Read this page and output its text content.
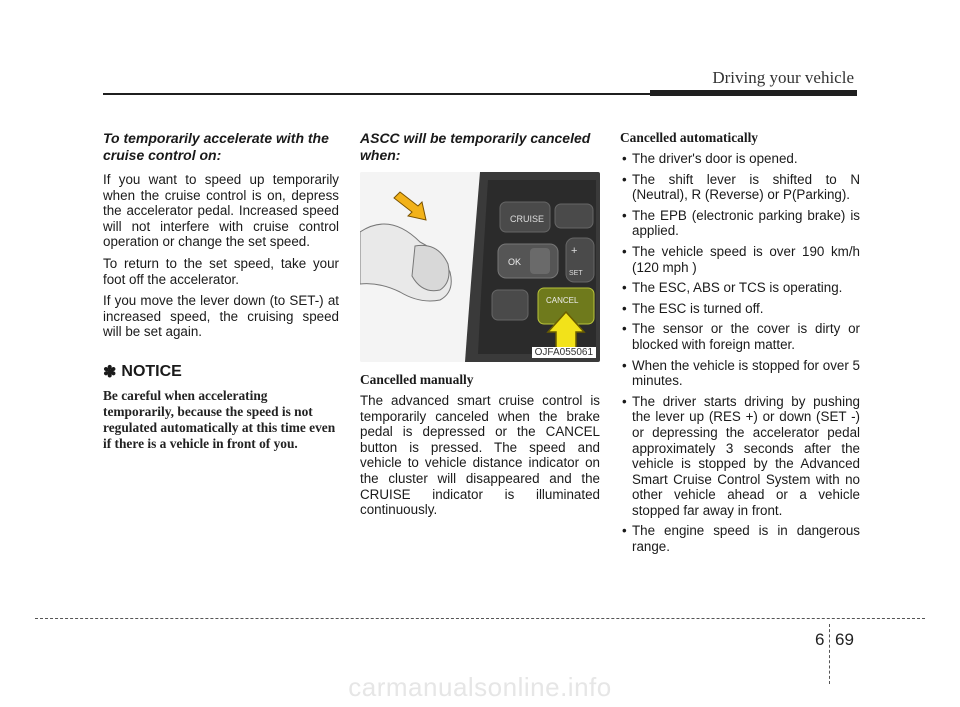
Driving your vehicle

To temporarily accelerate with the cruise control on:

If you want to speed up temporarily when the cruise control is on, depress the accelerator pedal. Increased speed will not interfere with cruise control operation or change the set speed.

To return to the set speed, take your foot off the accelerator.

If you move the lever down (to SET-) at increased speed, the cruising speed will be set again.

✽ NOTICE

Be careful when accelerating temporarily, because the speed is not regulated automatically at this time even if there is a vehicle in front of you.

ASCC will be temporarily canceled when:

CRUISE
OK
+
SET
CANCEL
OJFA055061

Cancelled manually

The advanced smart cruise control is temporarily canceled when the brake pedal is depressed or the CANCEL button is pressed. The speed and vehicle to vehicle distance indicator on the cluster will disappeared and the CRUISE indicator is illuminated continuously.

Cancelled automatically

• The driver's door is opened.
• The shift lever is shifted to N (Neutral), R (Reverse) or P(Parking).
• The EPB (electronic parking brake) is applied.
• The vehicle speed is over 190 km/h (120 mph )
• The ESC, ABS or TCS is operating.
• The ESC is turned off.
• The sensor or the cover is dirty or blocked with foreign matter.
• When the vehicle is stopped for over 5 minutes.
• The driver starts driving by pushing the lever up (RES +) or down (SET -) or depressing the accelerator pedal approximately 3 seconds after the vehicle is stopped by the Advanced Smart Cruise Control System with no other vehicle ahead or a vehicle stopped far away in front.
• The engine speed is in dangerous range.
6 69
carmanualsonline.info
